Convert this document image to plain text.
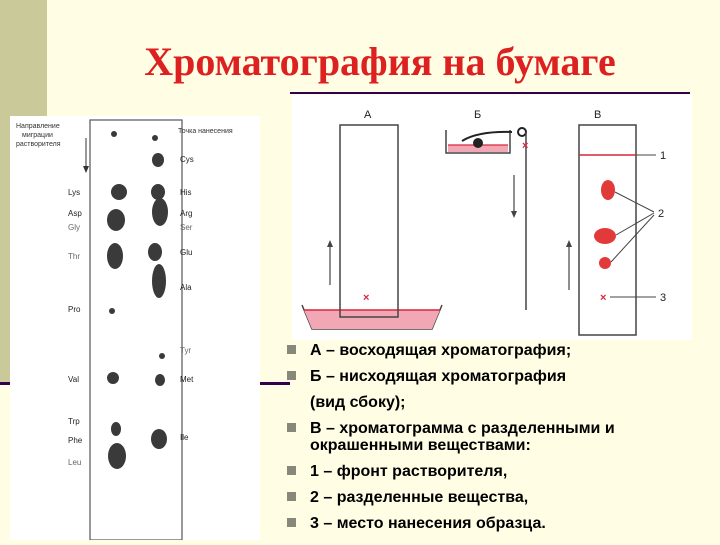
Хроматография на бумаге
Направление
миграции
растворителя
Точка нанесения
Lys
Asp
Gly
Thr
Pro
Val
Trp
Phe
Leu
Cys
His
Arg
Ser
Glu
Ala
Tyr
Met
Ile
А
×
Б
×
В
×
1
2
3
А – восходящая хроматография;
Б – нисходящая хроматография
(вид сбоку);
В – хроматограмма с разделенными и окрашенными веществами:
1 – фронт растворителя,
2 – разделенные вещества,
3 – место нанесения образца.
